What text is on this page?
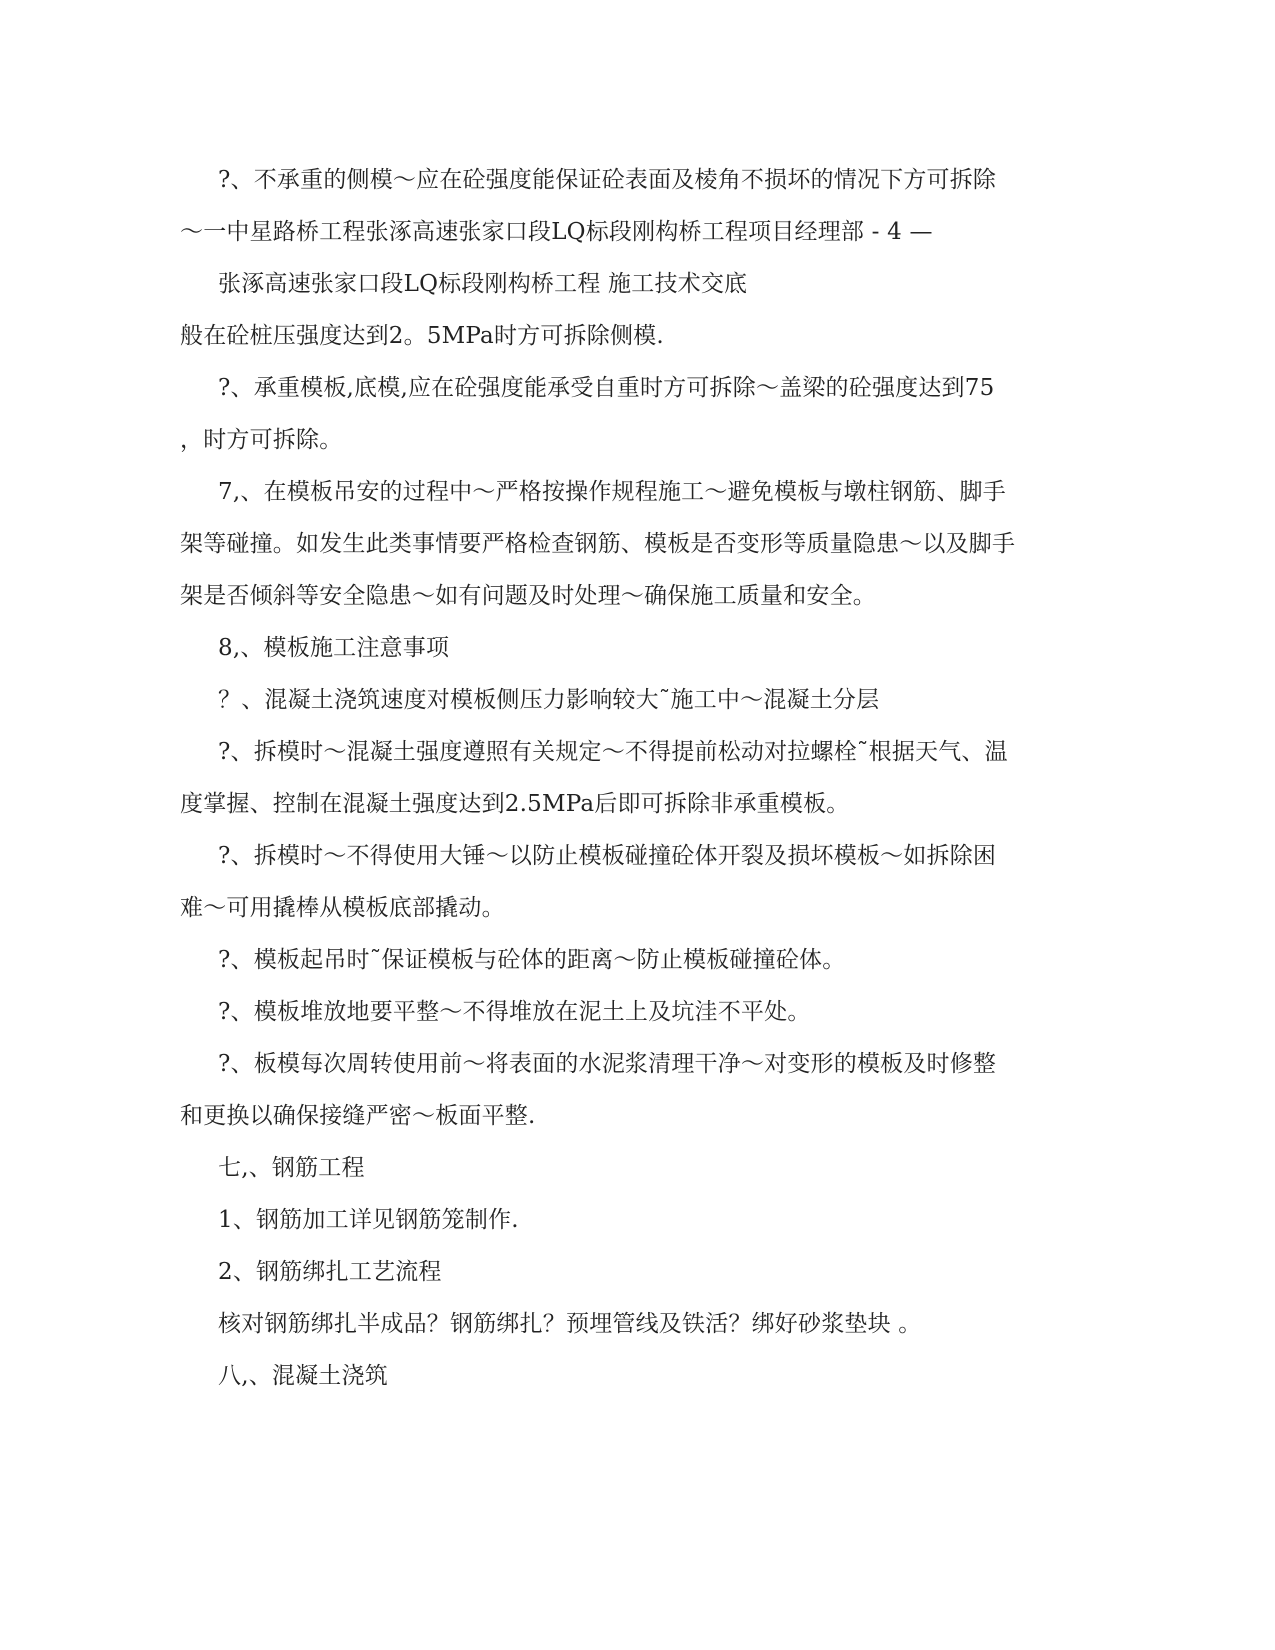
?、不承重的侧模～应在砼强度能保证砼表面及棱角不损坏的情况下方可拆除
～一中星路桥工程张涿高速张家口段LQ标段刚构桥工程项目经理部 - 4 —
张涿高速张家口段LQ标段刚构桥工程 施工技术交底
般在砼桩压强度达到2。5MPa时方可拆除侧模.
?、承重模板,底模,应在砼强度能承受自重时方可拆除～盖梁的砼强度达到75
，时方可拆除。
7,、在模板吊安的过程中～严格按操作规程施工～避免模板与墩柱钢筋、脚手
架等碰撞。如发生此类事情要严格检查钢筋、模板是否变形等质量隐患～以及脚手
架是否倾斜等安全隐患～如有问题及时处理～确保施工质量和安全。
8,、模板施工注意事项
？、混凝土浇筑速度对模板侧压力影响较大˜施工中～混凝土分层
?、拆模时～混凝土强度遵照有关规定～不得提前松动对拉螺栓˜根据天气、温
度掌握、控制在混凝土强度达到2.5MPa后即可拆除非承重模板。
?、拆模时～不得使用大锤～以防止模板碰撞砼体开裂及损坏模板～如拆除困
难～可用撬棒从模板底部撬动。
?、模板起吊时˜保证模板与砼体的距离～防止模板碰撞砼体。
?、模板堆放地要平整～不得堆放在泥土上及坑洼不平处。
?、板模每次周转使用前～将表面的水泥浆清理干净～对变形的模板及时修整
和更换以确保接缝严密～板面平整.
七,、钢筋工程
1、钢筋加工详见钢筋笼制作.
2、钢筋绑扎工艺流程
核对钢筋绑扎半成品？钢筋绑扎？预埋管线及铁活？绑好砂浆垫块 。
八,、混凝土浇筑
